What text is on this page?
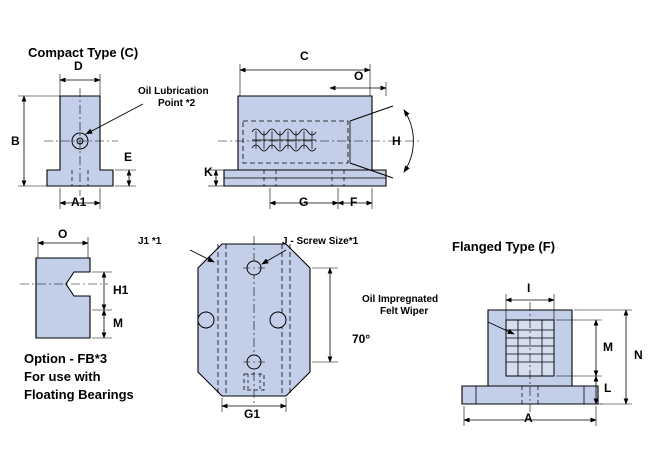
Compact Type (C)
Oil Lubrication
Point *2
D
B
A1
E
C
O
K
G	F
H
O
H1
M
Option - FB*3
For use with
Floating Bearings
J1 *1	J - Screw Size*1
70°
G1
Flanged Type (F)
Oil Impregnated
Felt Wiper
I
M
N
L
A
